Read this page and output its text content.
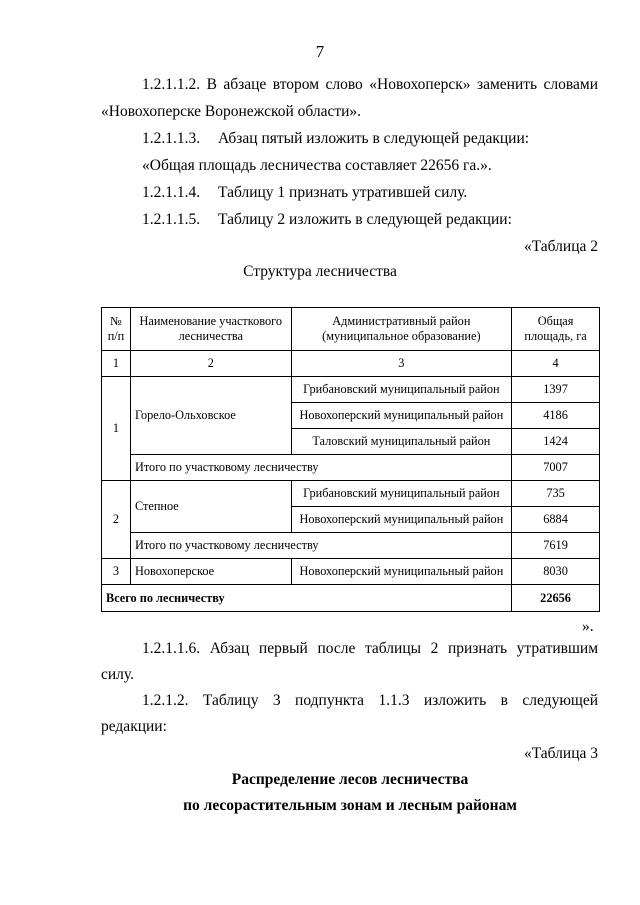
7
1.2.1.1.2. В абзаце втором слово «Новохоперск» заменить словами
«Новохоперске Воронежской области».
1.2.1.1.3. Абзац пятый изложить в следующей редакции:
«Общая площадь лесничества составляет 22656 га.».
1.2.1.1.4. Таблицу 1 признать утратившей силу.
1.2.1.1.5. Таблицу 2 изложить в следующей редакции:
«Таблица 2
Структура лесничества
№ п/п	Наименование участкового лесничества	Административный район (муниципальное образование)	Общая площадь, га
1	2	3	4
1	Горело-Ольховское	Грибановский муниципальный район	1397
		Новохоперский муниципальный район	4186
		Таловский муниципальный район	1424
	Итого по участковому лесничеству		7007
2	Степное	Грибановский муниципальный район	735
		Новохоперский муниципальный район	6884
	Итого по участковому лесничеству		7619
3	Новохоперское	Новохоперский муниципальный район	8030
Всего по лесничеству			22656
».
1.2.1.1.6. Абзац первый после таблицы 2 признать утратившим
силу.
1.2.1.2. Таблицу 3 подпункта 1.1.3 изложить в следующей
редакции:
«Таблица 3
Распределение лесов лесничества
по лесорастительным зонам и лесным районам
